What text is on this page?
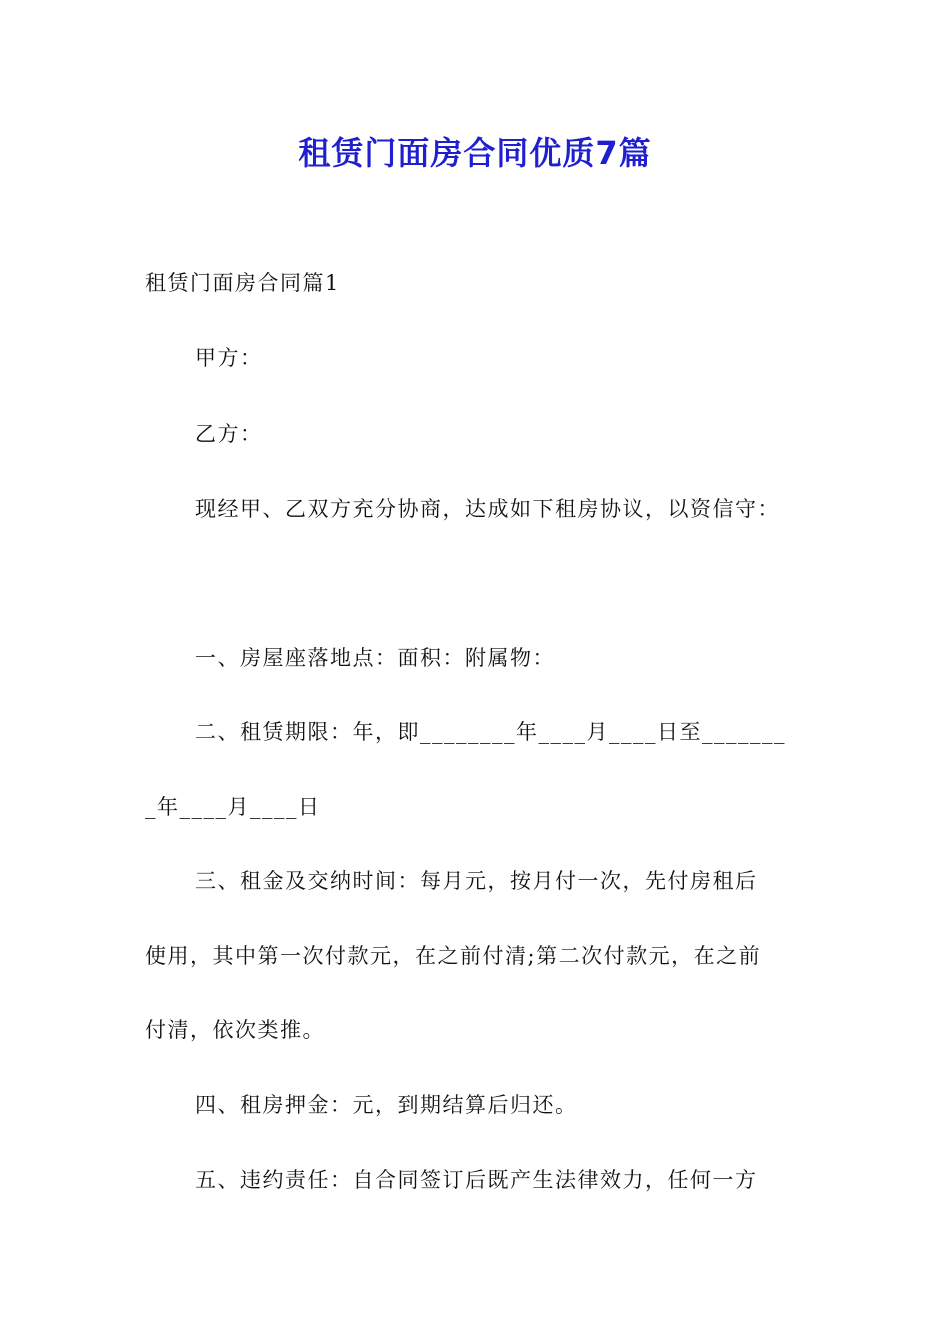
租赁门面房合同优质7篇
租赁门面房合同篇1
甲方：
乙方：
现经甲、乙双方充分协商，达成如下租房协议，以资信守：
一、房屋座落地点：面积：附属物：
二、租赁期限：年，即________年____月____日至_______
_年____月____日
三、租金及交纳时间：每月元，按月付一次，先付房租后
使用，其中第一次付款元，在之前付清;第二次付款元，在之前
付清，依次类推。
四、租房押金：元，到期结算后归还。
五、违约责任：自合同签订后既产生法律效力，任何一方
